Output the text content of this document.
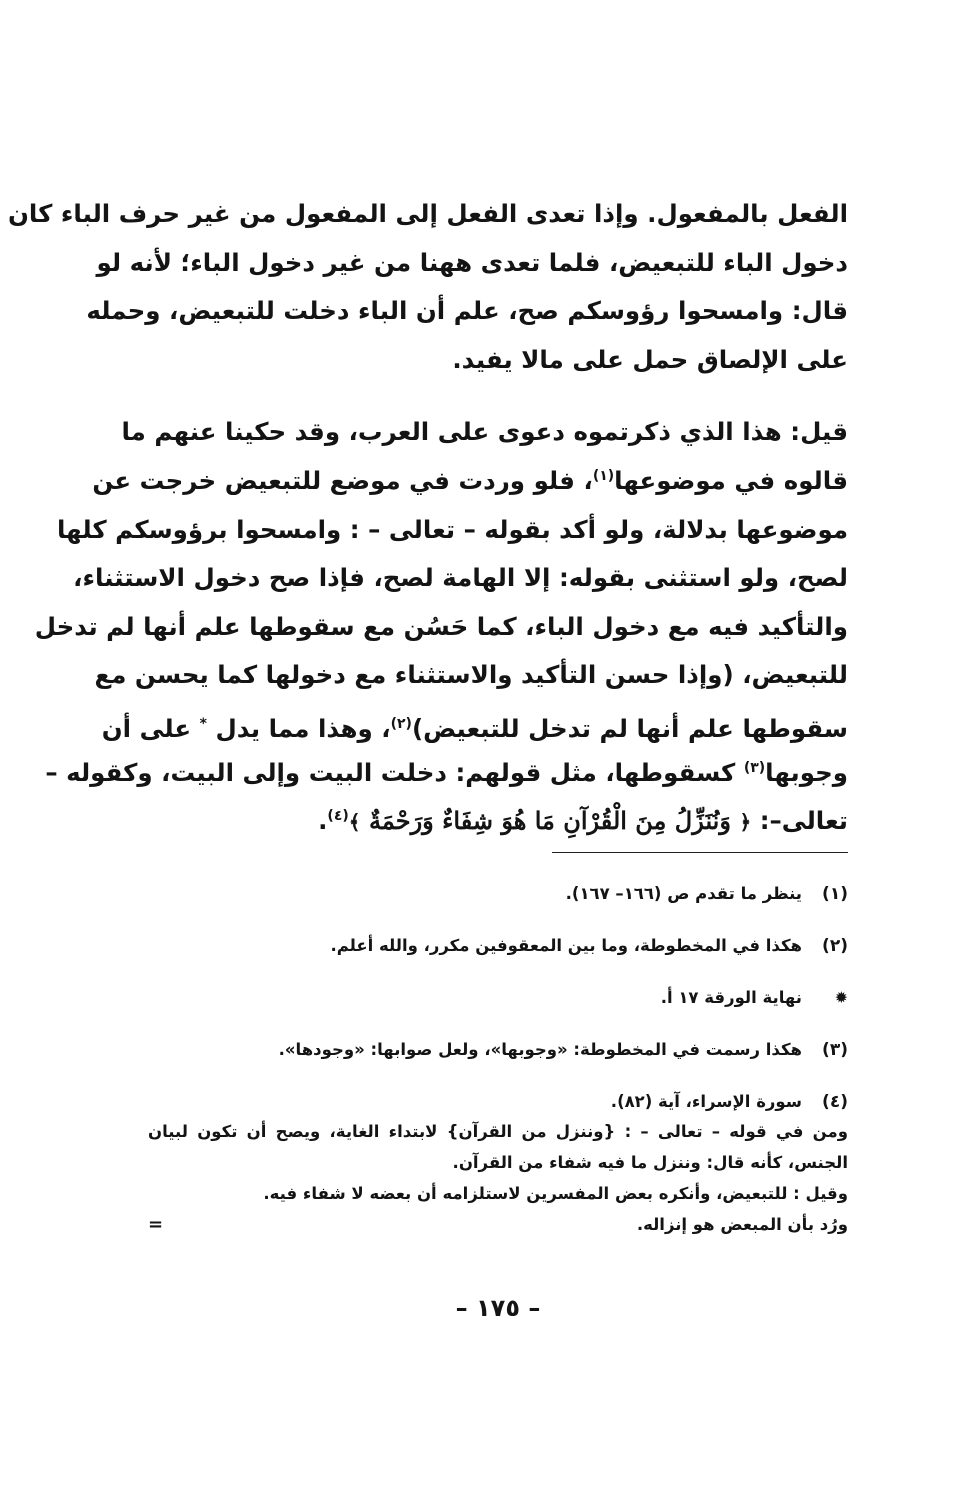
الفعل بالمفعول. وإذا تعدى الفعل إلى المفعول من غير حرف الباء كان
دخول الباء للتبعيض، فلما تعدى ههنا من غير دخول الباء؛ لأنه لو
قال: وامسحوا رؤوسكم صح، علم أن الباء دخلت للتبعيض، وحمله
على الإلصاق حمل على مالا يفيد.
قيل: هذا الذي ذكرتموه دعوى على العرب، وقد حكينا عنهم ما
قالوه في موضوعها$^{(١)}$، فلو وردت في موضع للتبعيض خرجت عن
موضوعها بدلالة، ولو أكد بقوله – تعالى – : وامسحوا برؤوسكم كلها
لصح، ولو استثنى بقوله: إلا الهامة لصح، فإذا صح دخول الاستثناء،
والتأكيد فيه مع دخول الباء، كما حَسُن مع سقوطها علم أنها لم تدخل
للتبعيض، (وإذا حسن التأكيد والاستثناء مع دخولها كما يحسن مع
سقوطها علم أنها لم تدخل للتبعيض)$^{(٢)}$، وهذا مما يدل * على أن
وجوبها$^{(٣)}$ كسقوطها، مثل قولهم: دخلت البيت وإلى البيت، وكقوله –
تعالى–: ﴿ وَنُنَزِّلُ مِنَ الْقُرْآنِ مَا هُوَ شِفَاءٌ وَرَحْمَةٌ ﴾$^{(٤)}$.
(١)
ينظر ما تقدم ص (١٦٦– ١٦٧).
(٢)
هكذا في المخطوطة، وما بين المعقوفين مكرر، والله أعلم.
✹
نهاية الورقة ١٧ أ.
(٣)
هكذا رسمت في المخطوطة: «وجوبها»، ولعل صوابها: «وجودها».
(٤)
سورة الإسراء، آية (٨٢).
ومن في قوله – تعالى – : {وننزل من القرآن} لابتداء الغاية، ويصح أن تكون لبيان
الجنس، كأنه قال: وننزل ما فيه شفاء من القرآن.
وقيل : للتبعيض، وأنكره بعض المفسرين لاستلزامه أن بعضه لا شفاء فيه.
ورُد بأن المبعض هو إنزاله.
=
– ١٧٥ –
